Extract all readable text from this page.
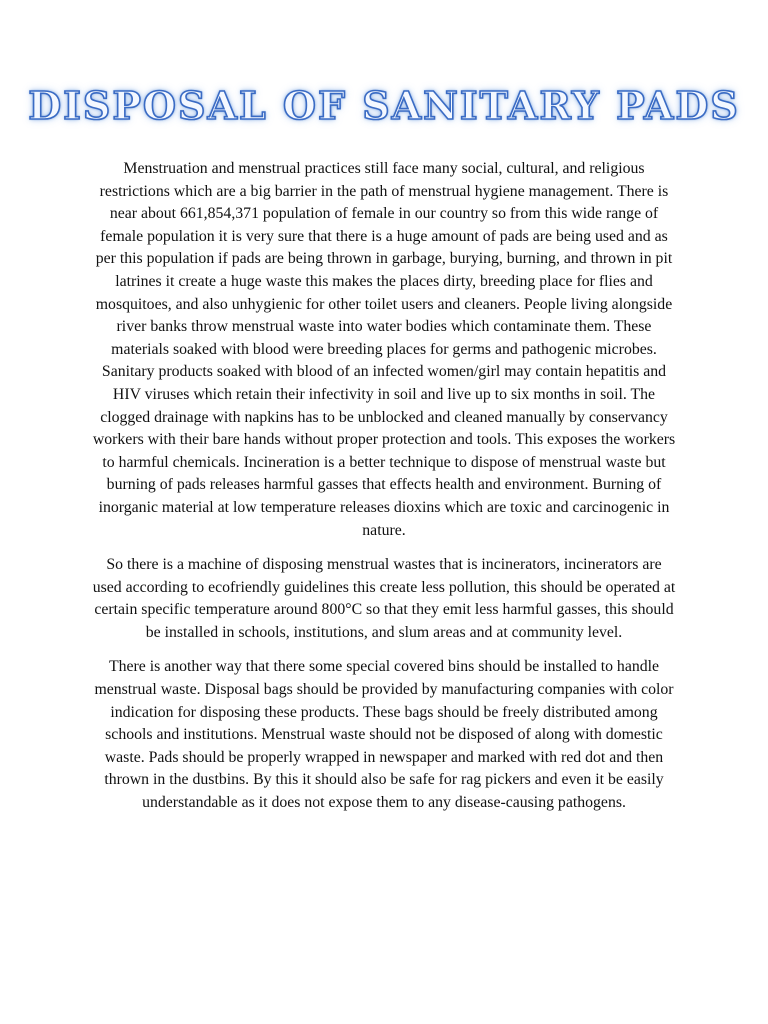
DISPOSAL OF SANITARY PADS

Menstruation and menstrual practices still face many social, cultural, and religious restrictions which are a big barrier in the path of menstrual hygiene management. There is near about 661,854,371 population of female in our country so from this wide range of female population it is very sure that there is a huge amount of pads are being used and as per this population if pads are being thrown in garbage, burying, burning, and thrown in pit latrines it create a huge waste this makes the places dirty, breeding place for flies and mosquitoes, and also unhygienic for other toilet users and cleaners. People living alongside river banks throw menstrual waste into water bodies which contaminate them. These materials soaked with blood were breeding places for germs and pathogenic microbes. Sanitary products soaked with blood of an infected women/girl may contain hepatitis and HIV viruses which retain their infectivity in soil and live up to six months in soil. The clogged drainage with napkins has to be unblocked and cleaned manually by conservancy workers with their bare hands without proper protection and tools. This exposes the workers to harmful chemicals. Incineration is a better technique to dispose of menstrual waste but burning of pads releases harmful gasses that effects health and environment. Burning of inorganic material at low temperature releases dioxins which are toxic and carcinogenic in nature.

So there is a machine of disposing menstrual wastes that is incinerators, incinerators are used according to ecofriendly guidelines this create less pollution, this should be operated at certain specific temperature around 800°C so that they emit less harmful gasses, this should be installed in schools, institutions, and slum areas and at community level.

There is another way that there some special covered bins should be installed to handle menstrual waste. Disposal bags should be provided by manufacturing companies with color indication for disposing these products. These bags should be freely distributed among schools and institutions. Menstrual waste should not be disposed of along with domestic waste. Pads should be properly wrapped in newspaper and marked with red dot and then thrown in the dustbins. By this it should also be safe for rag pickers and even it be easily understandable as it does not expose them to any disease-causing pathogens.
